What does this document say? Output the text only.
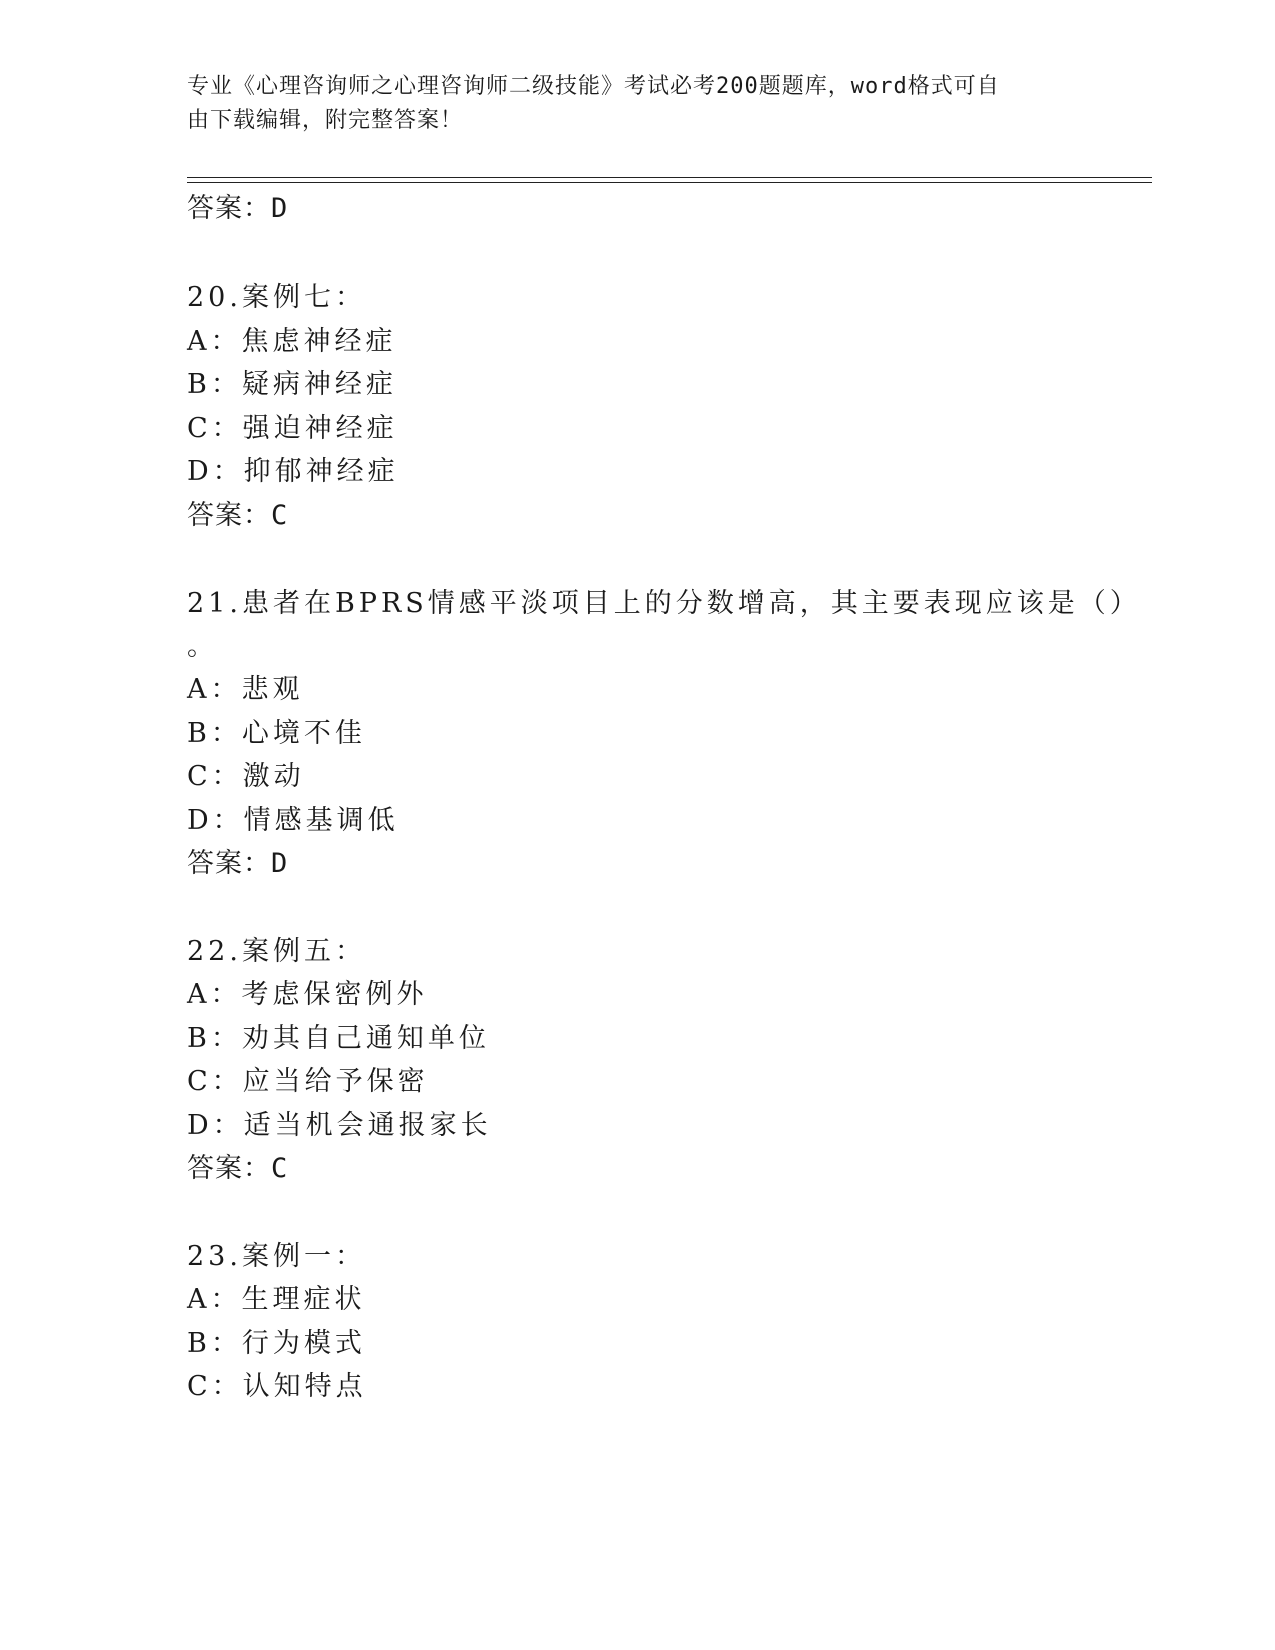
专业《心理咨询师之心理咨询师二级技能》考试必考200题题库，word格式可自
由下载编辑，附完整答案！
答案：D
20.案例七：
A：焦虑神经症
B：疑病神经症
C：强迫神经症
D：抑郁神经症
答案：C
21.患者在BPRS情感平淡项目上的分数增高，其主要表现应该是（）
。
A：悲观
B：心境不佳
C：激动
D：情感基调低
答案：D
22.案例五：
A：考虑保密例外
B：劝其自己通知单位
C：应当给予保密
D：适当机会通报家长
答案：C
23.案例一：
A：生理症状
B：行为模式
C：认知特点
